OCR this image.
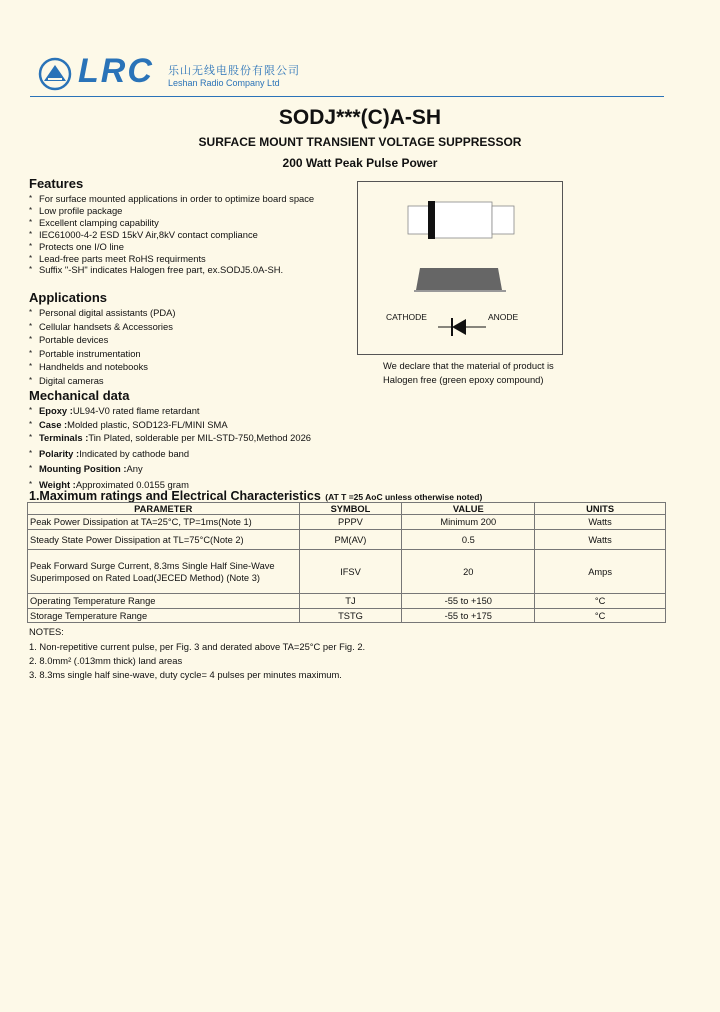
LRC 乐山无线电股份有限公司
Leshan Radio Company Ltd
SODJ***(C)A-SH
SURFACE MOUNT TRANSIENT VOLTAGE SUPPRESSOR
200 Watt Peak Pulse Power
Features
* For surface mounted applications in order to optimize board space
* Low profile package
* Excellent clamping capability
* IEC61000-4-2 ESD 15kV Air,8kV contact compliance
* Protects one I/O line
* Lead-free parts meet RoHS requirments
* Suffix "-SH" indicates Halogen free part, ex.SODJ5.0A-SH.
Applications
* Personal digital assistants (PDA)
* Cellular handsets & Accessories
* Portable devices
* Portable instrumentation
* Handhelds and notebooks
* Digital cameras
Mechanical data
* Epoxy : UL94-V0 rated flame retardant
* Case : Molded plastic, SOD123-FL/MINI SMA
* Terminals : Tin Plated, solderable per MIL-STD-750,Method 2026
* Polarity : Indicated by cathode band
* Mounting Position : Any
* Weight : Approximated 0.0155 gram
CATHODE	ANODE
We declare that the material of product is
Halogen free (green epoxy compound)
1.Maximum ratings and Electrical Characteristics (AT T =25 AoC unless otherwise noted)
PARAMETER	SYMBOL	VALUE	UNITS
Peak Power Dissipation at TA=25°C, TP=1ms(Note 1)	PPPV	Minimum 200	Watts
Steady State Power Dissipation at TL=75°C(Note 2)	PM(AV)	0.5	Watts
Peak Forward Surge Current, 8.3ms Single Half Sine-Wave Superimposed on Rated Load(JECED Method) (Note 3)	IFSV	20	Amps
Operating Temperature Range	TJ	-55 to +150	°C
Storage Temperature Range	TSTG	-55 to +175	°C
NOTES:
1. Non-repetitive current pulse, per Fig. 3 and derated above TA=25°C per Fig. 2.
2. 8.0mm² (.013mm thick) land areas
3. 8.3ms single half sine-wave, duty cycle= 4 pulses per minutes maximum.
